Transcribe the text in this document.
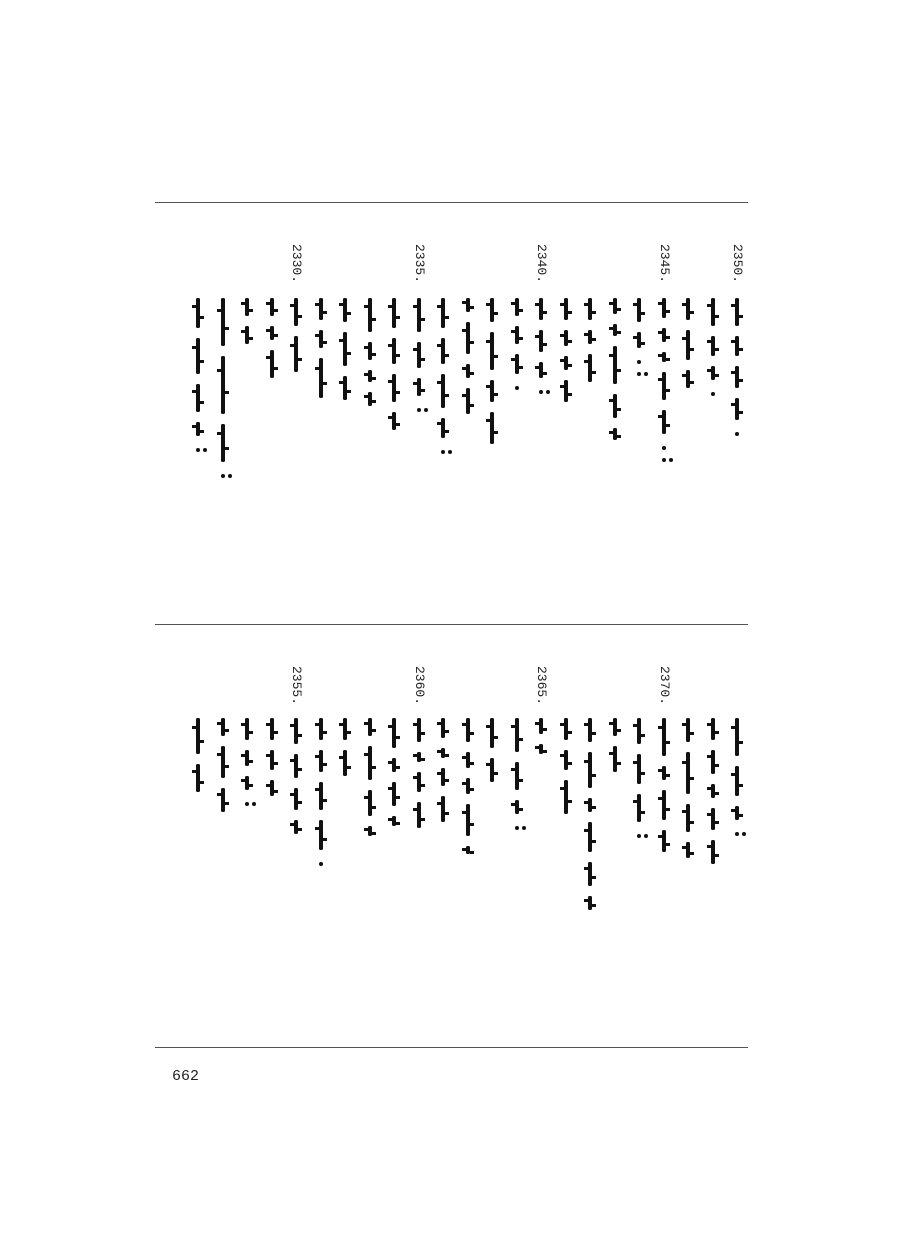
2350.
2345.
2340.
2335.
2330.
2370.
2365.
2360.
2355.
662
